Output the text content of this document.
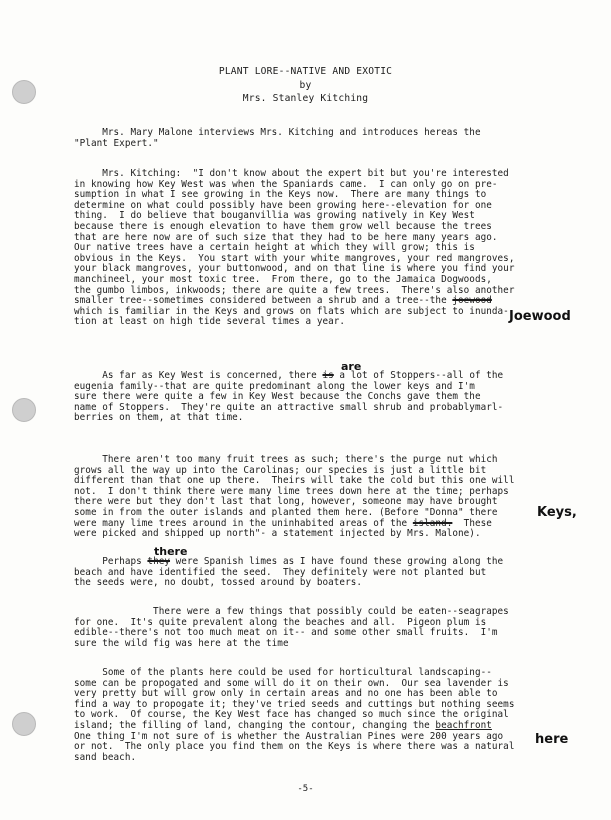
PLANT LORE--NATIVE AND EXOTIC
by
Mrs. Stanley Kitching
Mrs. Mary Malone interviews Mrs. Kitching and introduces hereas the
"Plant Expert."
Mrs. Kitching:  "I don't know about the expert bit but you're interested
in knowing how Key West was when the Spaniards came.  I can only go on pre-
sumption in what I see growing in the Keys now.  There are many things to
determine on what could possibly have been growing here--elevation for one
thing.  I do believe that bouganvillia was growing natively in Key West
because there is enough elevation to have them grow well because the trees
that are here now are of such size that they had to be here many years ago.
Our native trees have a certain height at which they will grow; this is
obvious in the Keys.  You start with your white mangroves, your red mangroves,
your black mangroves, your buttonwood, and on that line is where you find your
manchineel, your most toxic tree.  From there, go to the Jamaica Dogwoods,
the gumbo limbos, inkwoods; there are quite a few trees.  There's also another
smaller tree--sometimes considered between a shrub and a tree--the joewood
which is familiar in the Keys and grows on flats which are subject to inunda-
tion at least on high tide several times a year.	Joewood
are
As far as Key West is concerned, there is a lot of Stoppers--all of the
eugenia family--that are quite predominant along the lower keys and I'm
sure there were quite a few in Key West because the Conchs gave them the
name of Stoppers.  They're quite an attractive small shrub and probablymarl-
berries on them, at that time.
There aren't too many fruit trees as such; there's the purge nut which
grows all the way up into the Carolinas; our species is just a little bit
different than that one up there.  Theirs will take the cold but this one will
not.  I don't think there were many lime trees down here at the time; perhaps
there were but they don't last that long, however, someone may have brought
some in from the outer islands and planted them here. (Before "Donna" there
were many lime trees around in the uninhabited areas of the island.  These
were picked and shipped up north"- a statement injected by Mrs. Malone).
Keys,
there
Perhaps they were Spanish limes as I have found these growing along the
beach and have identified the seed.  They definitely were not planted but
the seeds were, no doubt, tossed around by boaters.
There were a few things that possibly could be eaten--seagrapes
for one.  It's quite prevalent along the beaches and all.  Pigeon plum is
edible--there's not too much meat on it-- and some other small fruits.  I'm
sure the wild fig was here at the time
Some of the plants here could be used for horticultural landscaping--
some can be propogated and some will do it on their own.  Our sea lavender is
very pretty but will grow only in certain areas and no one has been able to
find a way to propogate it; they've tried seeds and cuttings but nothing seems
to work.  Of course, the Key West face has changed so much since the original
island; the filling of land, changing the contour, changing the beachfront
One thing I'm not sure of is whether the Australian Pines were 200 years ago
or not.  The only place you find them on the Keys is where there was a natural
sand beach.
here
-5-
